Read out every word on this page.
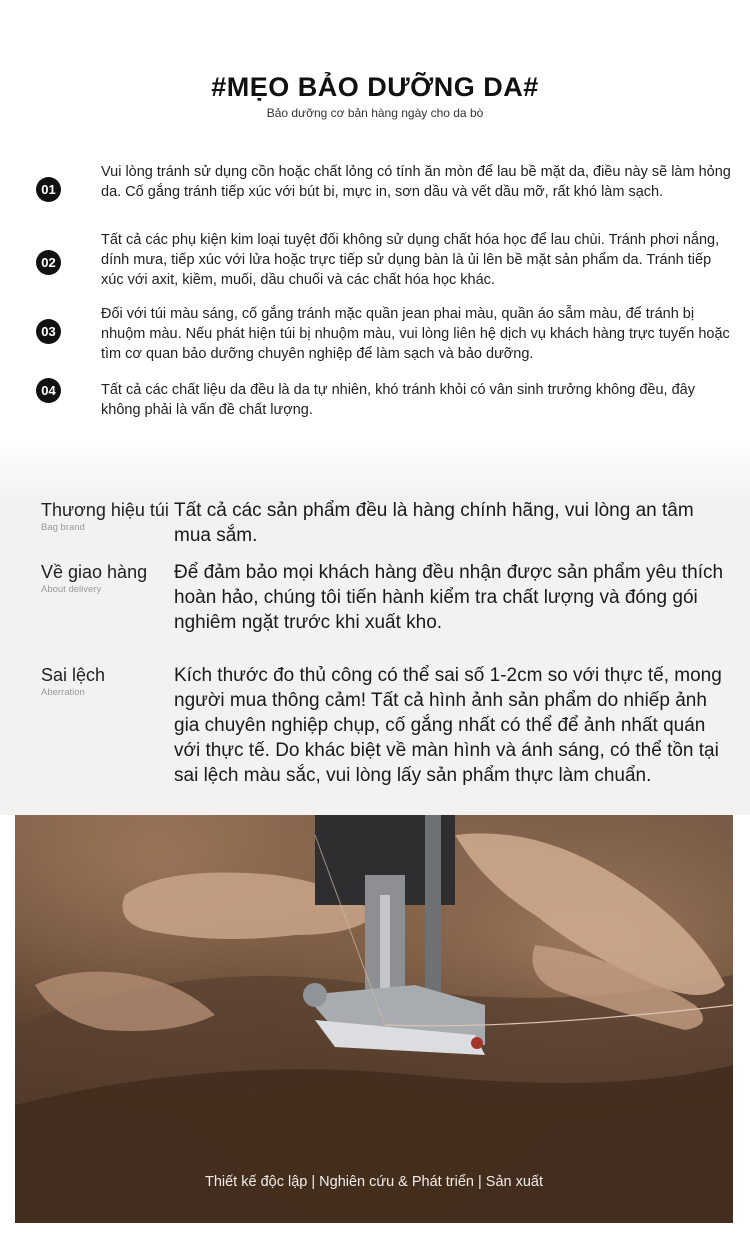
#MẸO BẢO DƯỠNG DA#
Bảo dưỡng cơ bản hàng ngày cho da bò
01
Vui lòng tránh sử dụng cồn hoặc chất lỏng có tính ăn mòn để lau bề mặt da, điều này sẽ làm hỏng da. Cố gắng tránh tiếp xúc với bút bi, mực in, sơn dầu và vết dầu mỡ, rất khó làm sạch.
02
Tất cả các phụ kiện kim loại tuyệt đối không sử dụng chất hóa học để lau chùi. Tránh phơi nắng, dính mưa, tiếp xúc với lửa hoặc trực tiếp sử dụng bàn là ủi lên bề mặt sản phẩm da. Tránh tiếp xúc với axit, kiềm, muối, dầu chuối và các chất hóa học khác.
03
Đối với túi màu sáng, cố gắng tránh mặc quần jean phai màu, quần áo sẫm màu, để tránh bị nhuộm màu. Nếu phát hiện túi bị nhuộm màu, vui lòng liên hệ dịch vụ khách hàng trực tuyến hoặc tìm cơ quan bảo dưỡng chuyên nghiệp để làm sạch và bảo dưỡng.
04	Tất cả các chất liệu da đều là da tự nhiên, khó tránh khỏi có vân sinh trưởng không đều, đây không phải là vấn đề chất lượng.
Thương hiệu túi
Bag brand
Tất cả các sản phẩm đều là hàng chính hãng, vui lòng an tâm mua sắm.
Về giao hàng
About delivery
Để đảm bảo mọi khách hàng đều nhận được sản phẩm yêu thích hoàn hảo, chúng tôi tiến hành kiểm tra chất lượng và đóng gói nghiêm ngặt trước khi xuất kho.
Sai lệch
Aberration
Kích thước đo thủ công có thể sai số 1-2cm so với thực tế, mong người mua thông cảm! Tất cả hình ảnh sản phẩm do nhiếp ảnh gia chuyên nghiệp chụp, cố gắng nhất có thể để ảnh nhất quán với thực tế. Do khác biệt về màn hình và ánh sáng, có thể tồn tại sai lệch màu sắc, vui lòng lấy sản phẩm thực làm chuẩn.
Thiết kế độc lập | Nghiên cứu & Phát triển | Sản xuất
